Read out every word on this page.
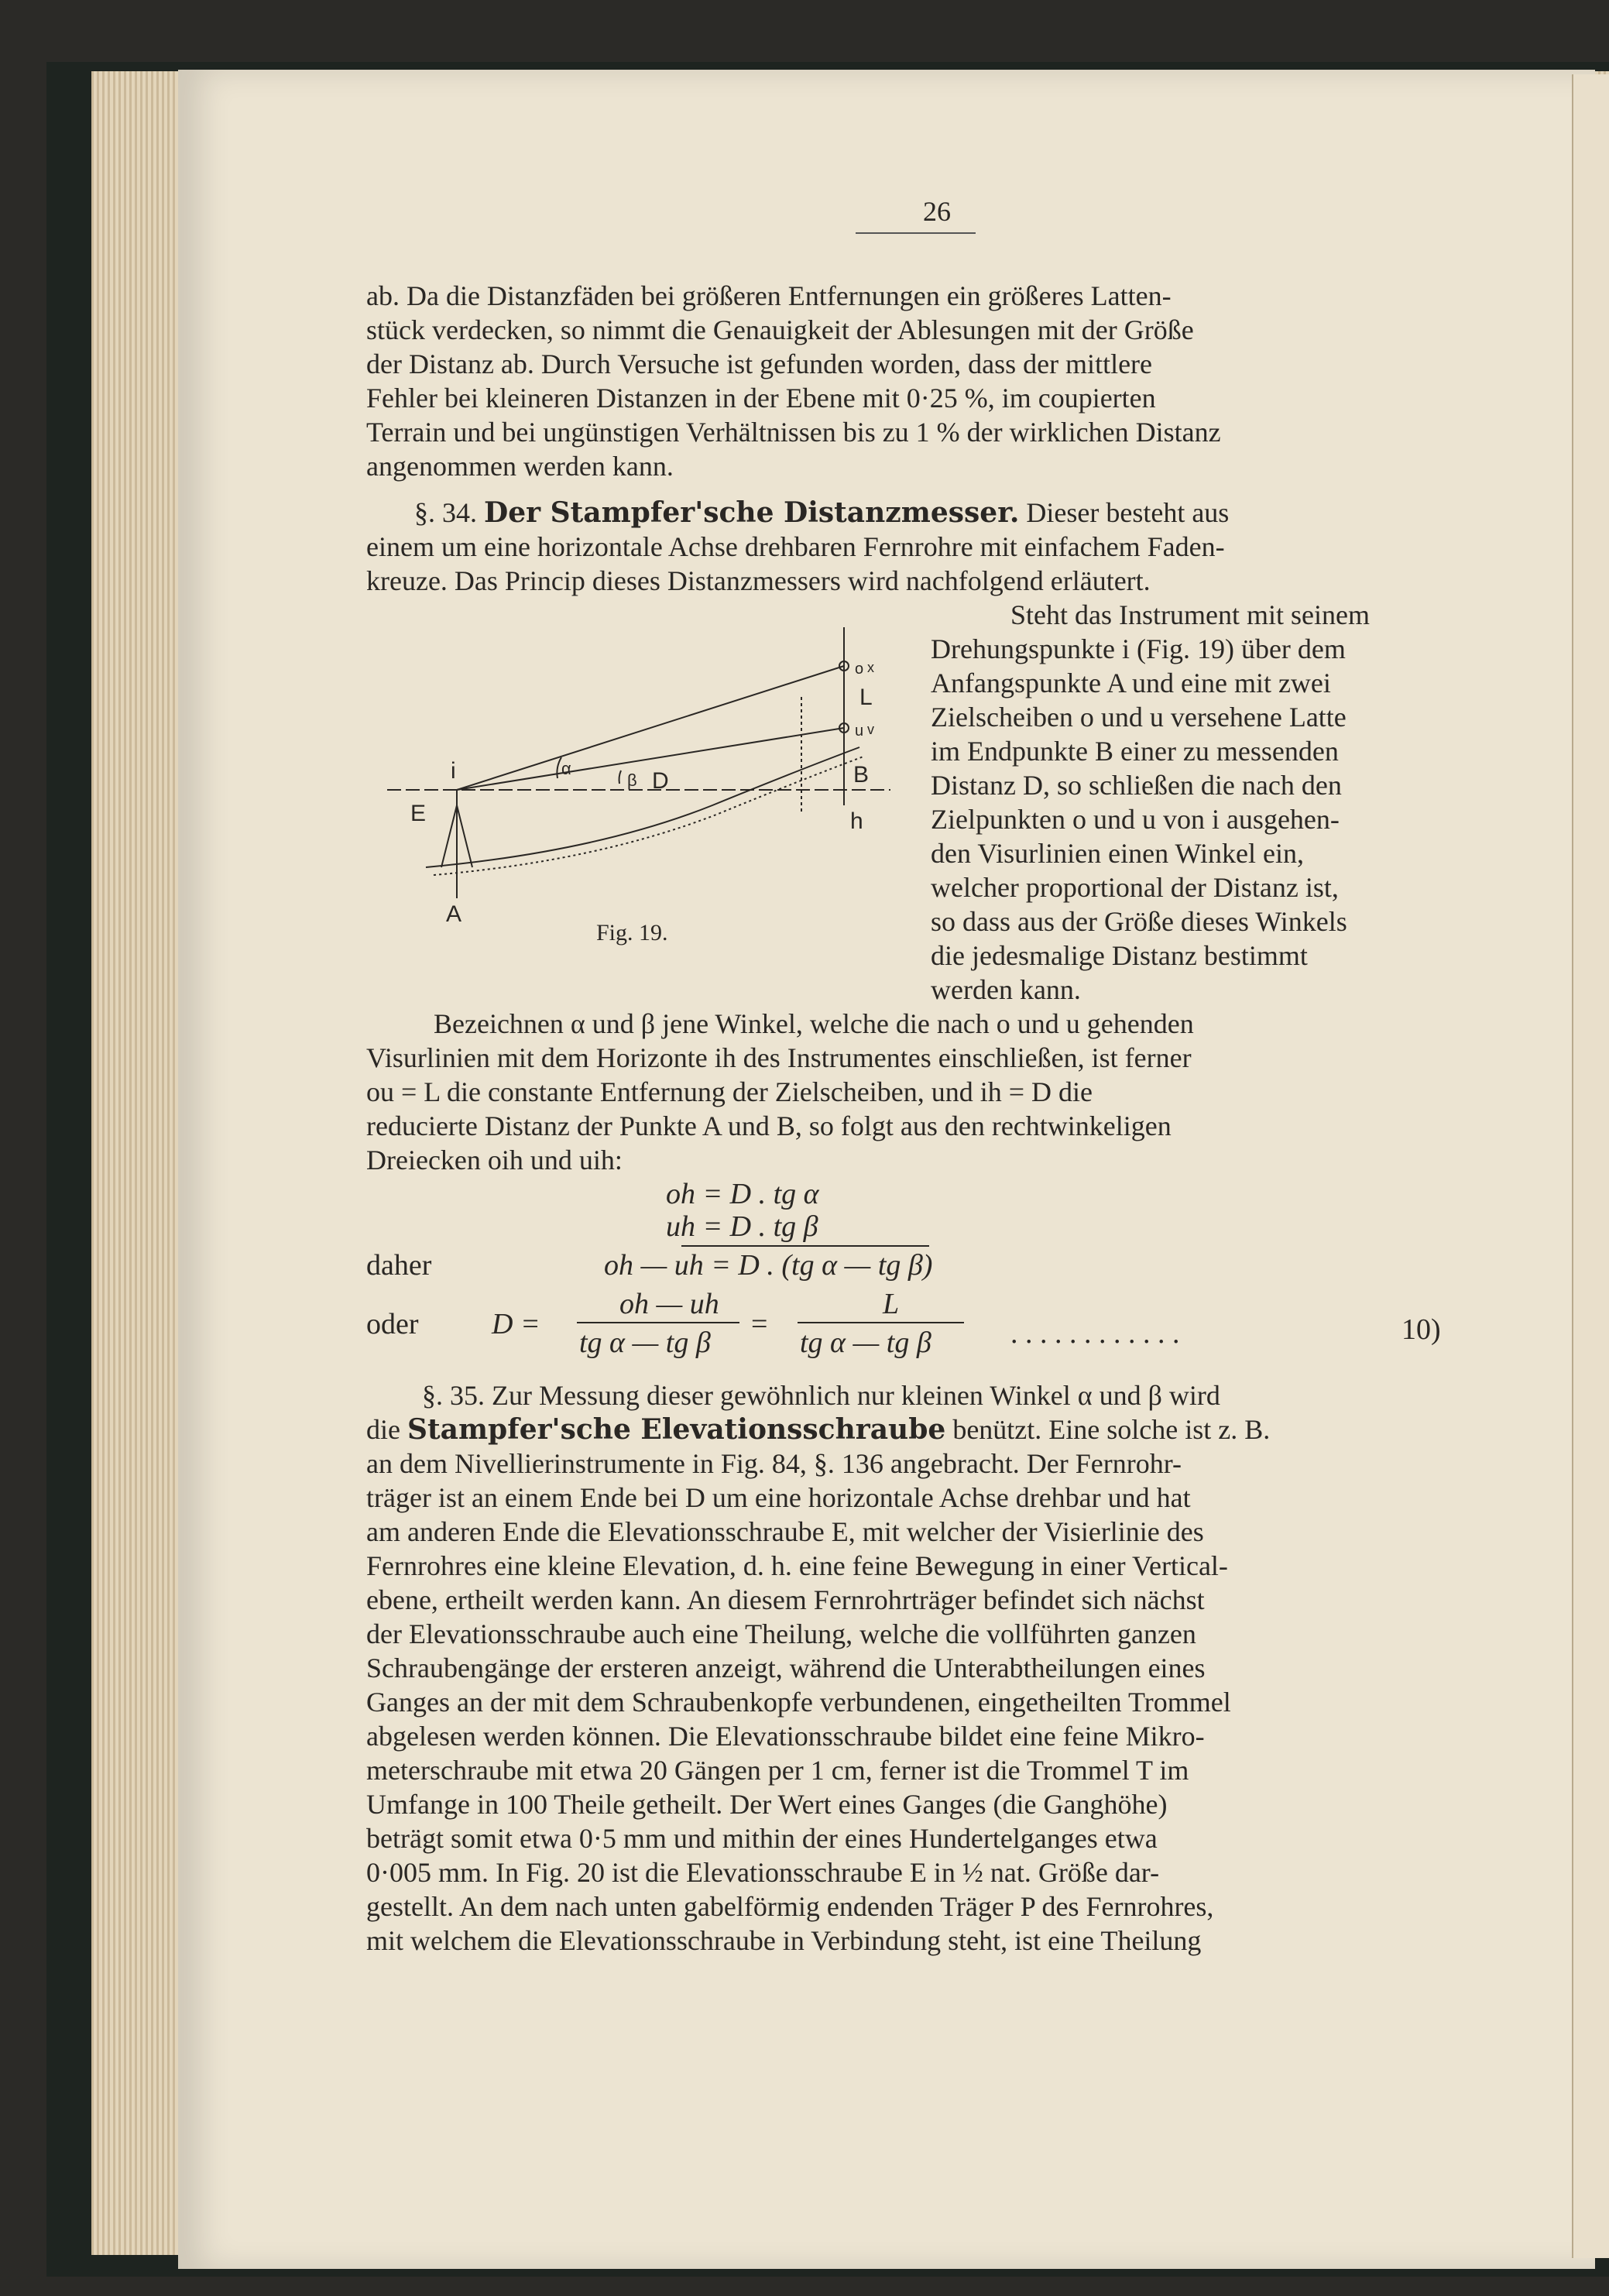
26
ab. Da die Distanzfäden bei größeren Entfernungen ein größeres Latten-
stück verdecken, so nimmt die Genauigkeit der Ablesungen mit der Größe
der Distanz ab. Durch Versuche ist gefunden worden, dass der mittlere
Fehler bei kleineren Distanzen in der Ebene mit 0·25 %, im coupierten
Terrain und bei ungünstigen Verhältnissen bis zu 1 % der wirklichen Distanz
angenommen werden kann.
§. 34. Der Stampfer'sche Distanzmesser. Dieser besteht aus
einem um eine horizontale Achse drehbaren Fernrohre mit einfachem Faden-
kreuze. Das Princip dieses Distanzmessers wird nachfolgend erläutert.
Steht das Instrument mit seinem
Drehungspunkte i (Fig. 19) über dem
Anfangspunkte A und eine mit zwei
Zielscheiben o und u versehene Latte
im Endpunkte B einer zu messenden
Distanz D, so schließen die nach den
Zielpunkten o und u von i ausgehen-
den Visurlinien einen Winkel ein,
welcher proportional der Distanz ist,
so dass aus der Größe dieses Winkels
die jedesmalige Distanz bestimmt
werden kann.
i
E
A
B
h
L
o
u
x
v
α
β D
Fig. 19.
Bezeichnen α und β jene Winkel, welche die nach o und u gehenden
Visurlinien mit dem Horizonte ih des Instrumentes einschließen, ist ferner
ou = L die constante Entfernung der Zielscheiben, und ih = D die
reducierte Distanz der Punkte A und B, so folgt aus den rechtwinkeligen
Dreiecken oih und uih:
oh = D . tg α
uh = D . tg β
daher	oh — uh = D . (tg α — tg β)
oder D =
oh — uh
tg α — tg β
=
L
tg α — tg β	. . . . . . . . . . . .	10)
§. 35. Zur Messung dieser gewöhnlich nur kleinen Winkel α und β wird
die Stampfer'sche Elevationsschraube benützt. Eine solche ist z. B.
an dem Nivellierinstrumente in Fig. 84, §. 136 angebracht. Der Fernrohr-
träger ist an einem Ende bei D um eine horizontale Achse drehbar und hat
am anderen Ende die Elevationsschraube E, mit welcher der Visierlinie des
Fernrohres eine kleine Elevation, d. h. eine feine Bewegung in einer Vertical-
ebene, ertheilt werden kann. An diesem Fernrohrträger befindet sich nächst
der Elevationsschraube auch eine Theilung, welche die vollführten ganzen
Schraubengänge der ersteren anzeigt, während die Unterabtheilungen eines
Ganges an der mit dem Schraubenkopfe verbundenen, eingetheilten Trommel
abgelesen werden können. Die Elevationsschraube bildet eine feine Mikro-
meterschraube mit etwa 20 Gängen per 1 cm, ferner ist die Trommel T im
Umfange in 100 Theile getheilt. Der Wert eines Ganges (die Ganghöhe)
beträgt somit etwa 0·5 mm und mithin der eines Hundertelganges etwa
0·005 mm. In Fig. 20 ist die Elevationsschraube E in ½ nat. Größe dar-
gestellt. An dem nach unten gabelförmig endenden Träger P des Fernrohres,
mit welchem die Elevationsschraube in Verbindung steht, ist eine Theilung
